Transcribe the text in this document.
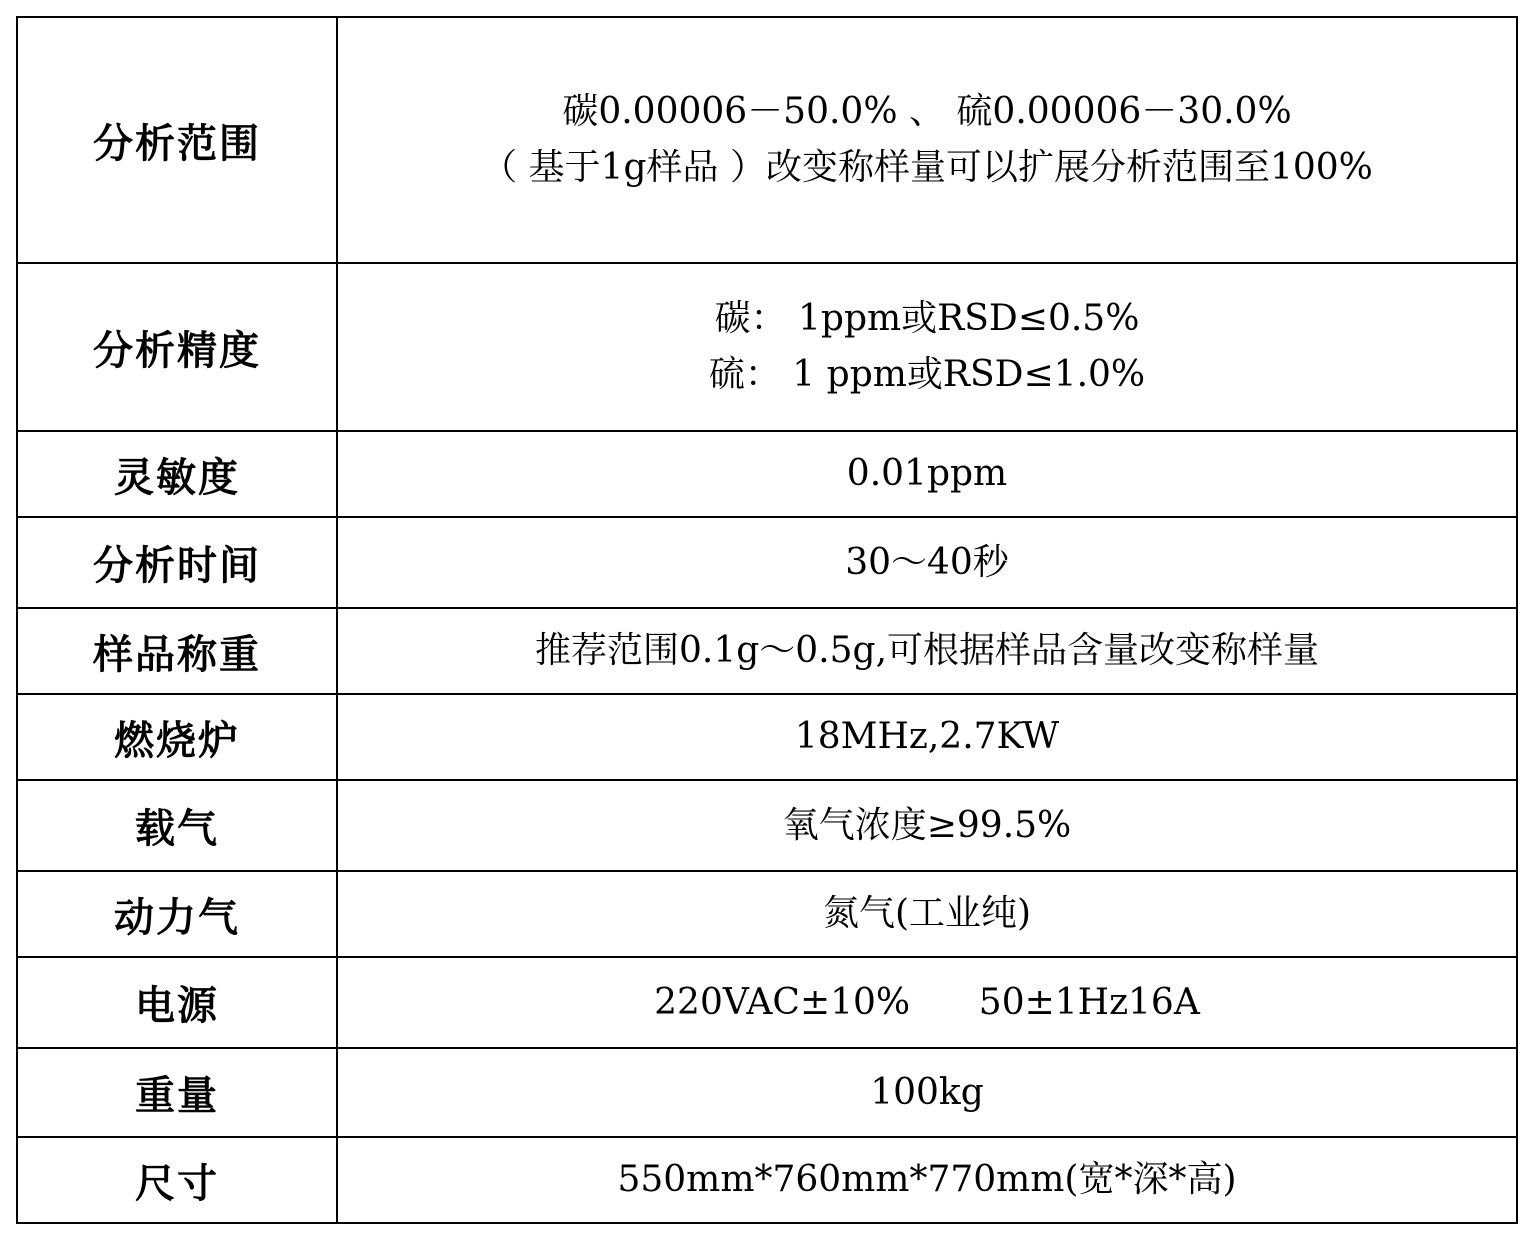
分析范围	碳0.00006－50.0% 、 硫0.00006－30.0%
（ 基于1g样品 ）改变称样量可以扩展分析范围至100%

分析精度	碳： 1ppm或RSD≤0.5%
硫： 1 ppm或RSD≤1.0%

灵敏度	0.01ppm

分析时间	30～40秒

样品称重	推荐范围0.1g～0.5g,可根据样品含量改变称样量

燃烧炉	18MHz,2.7KW

载气	氧气浓度≥99.5%

动力气	氮气(工业纯)

电源	220VAC±10%      50±1Hz16A

重量	100kg

尺寸	550mm*760mm*770mm(宽*深*高)
